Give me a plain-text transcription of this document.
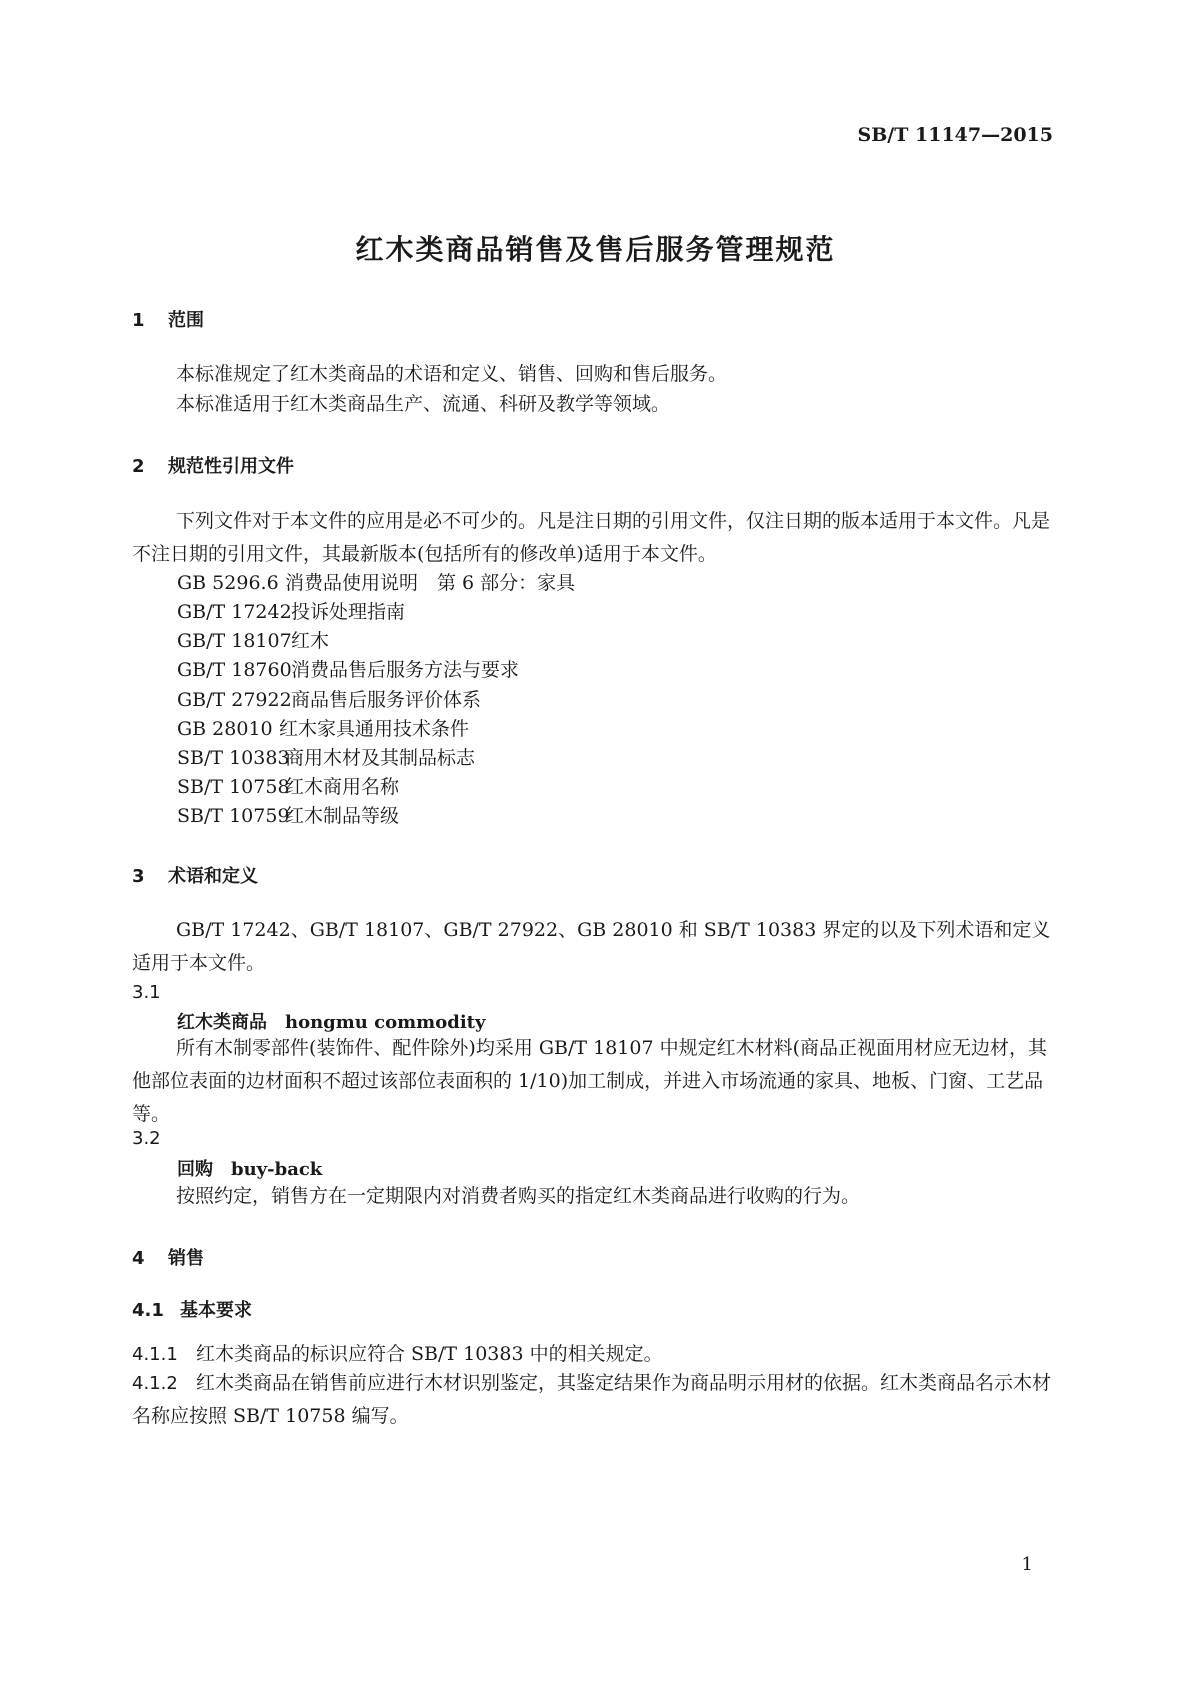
SB/T 11147—2015
红木类商品销售及售后服务管理规范
1 范围
本标准规定了红木类商品的术语和定义、销售、回购和售后服务。
本标准适用于红木类商品生产、流通、科研及教学等领域。
2 规范性引用文件
下列文件对于本文件的应用是必不可少的。凡是注日期的引用文件，仅注日期的版本适用于本文件。凡是不注日期的引用文件，其最新版本(包括所有的修改单)适用于本文件。
GB 5296.6 消费品使用说明　第 6 部分：家具
GB/T 17242投诉处理指南
GB/T 18107红木
GB/T 18760消费品售后服务方法与要求
GB/T 27922商品售后服务评价体系
GB 28010 红木家具通用技术条件
SB/T 10383商用木材及其制品标志
SB/T 10758红木商用名称
SB/T 10759红木制品等级
3 术语和定义
GB/T 17242、GB/T 18107、GB/T 27922、GB 28010 和 SB/T 10383 界定的以及下列术语和定义适用于本文件。
3.1
红木类商品 hongmu commodity
所有木制零部件(装饰件、配件除外)均采用 GB/T 18107 中规定红木材料(商品正视面用材应无边材，其他部位表面的边材面积不超过该部位表面积的 1/10)加工制成，并进入市场流通的家具、地板、门窗、工艺品等。
3.2
回购 buy-back
按照约定，销售方在一定期限内对消费者购买的指定红木类商品进行收购的行为。
4 销售
4.1 基本要求
4.1.1 红木类商品的标识应符合 SB/T 10383 中的相关规定。
4.1.2 红木类商品在销售前应进行木材识别鉴定，其鉴定结果作为商品明示用材的依据。红木类商品名示木材名称应按照 SB/T 10758 编写。
1
